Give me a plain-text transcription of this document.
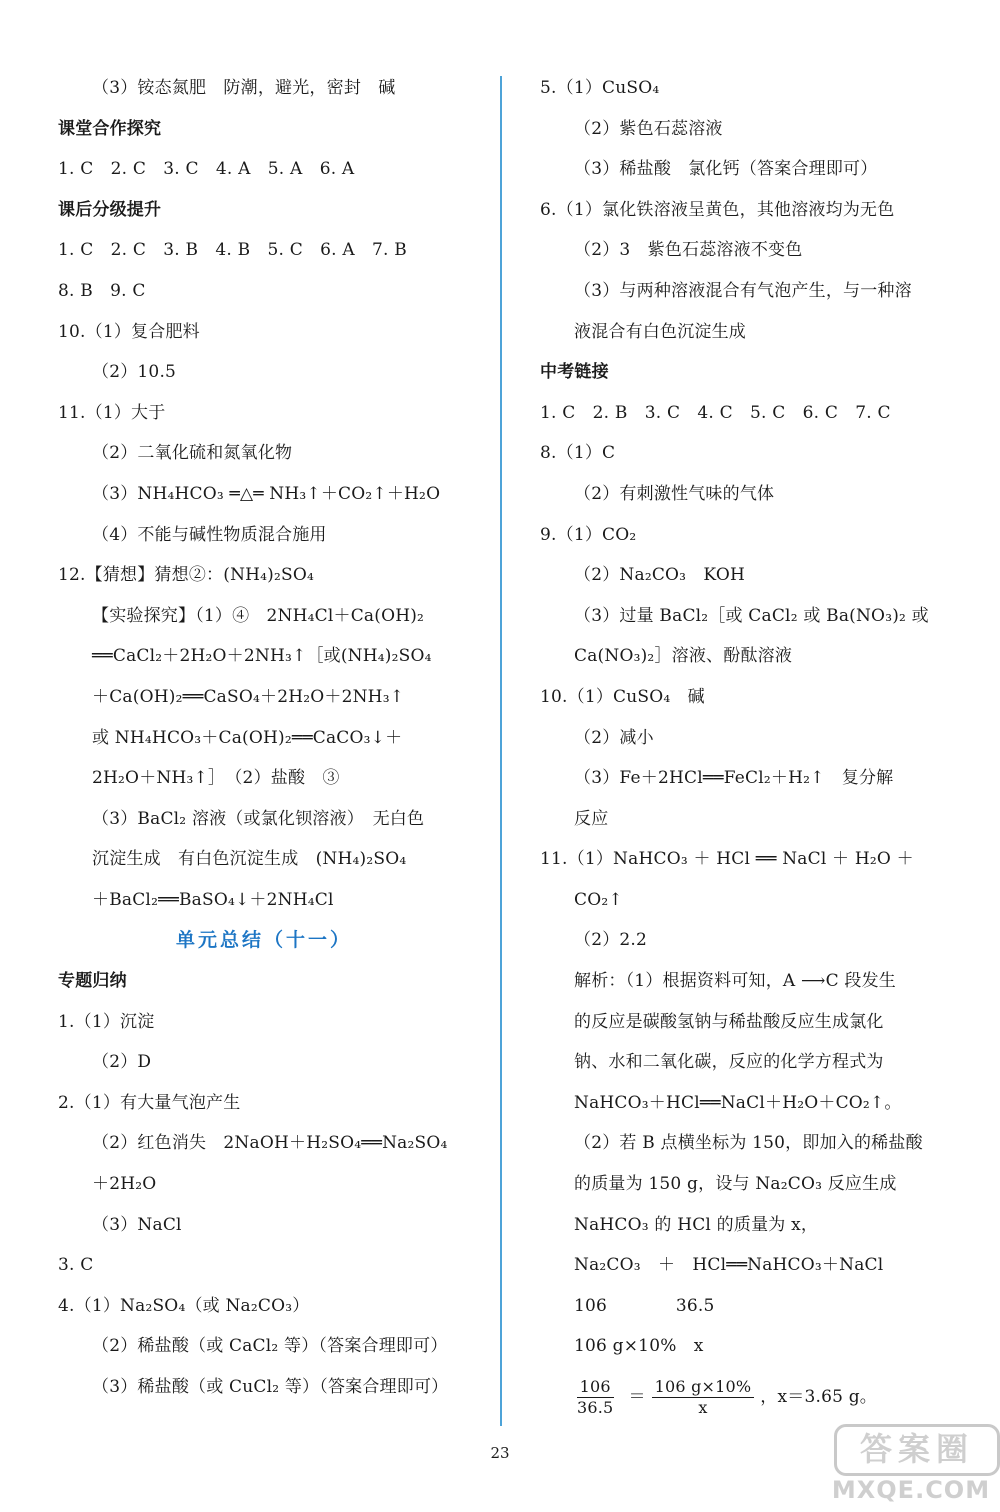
（3）铵态氮肥　防潮，避光，密封　碱
课堂合作探究
1. C　2. C　3. C　4. A　5. A　6. A
课后分级提升
1. C　2. C　3. B　4. B　5. C　6. A　7. B
8. B　9. C
10.（1）复合肥料
（2）10.5
11.（1）大于
（2）二氧化硫和氮氧化物
（3）NH₄HCO₃ ═△═ NH₃↑＋CO₂↑＋H₂O
（4）不能与碱性物质混合施用
12.【猜想】猜想②：(NH₄)₂SO₄
【实验探究】（1）④　2NH₄Cl＋Ca(OH)₂
══CaCl₂＋2H₂O＋2NH₃↑［或(NH₄)₂SO₄
＋Ca(OH)₂══CaSO₄＋2H₂O＋2NH₃↑
或 NH₄HCO₃＋Ca(OH)₂══CaCO₃↓＋
2H₂O＋NH₃↑］　（2）盐酸　③
（3）BaCl₂ 溶液（或氯化钡溶液）　无白色
沉淀生成　有白色沉淀生成　(NH₄)₂SO₄
＋BaCl₂══BaSO₄↓＋2NH₄Cl
单元总结（十一）
专题归纳
1.（1）沉淀
（2）D
2.（1）有大量气泡产生
（2）红色消失　2NaOH＋H₂SO₄══Na₂SO₄
＋2H₂O
（3）NaCl
3. C
4.（1）Na₂SO₄（或 Na₂CO₃）
（2）稀盐酸（或 CaCl₂ 等）（答案合理即可）
（3）稀盐酸（或 CuCl₂ 等）（答案合理即可）
5.（1）CuSO₄
（2）紫色石蕊溶液
（3）稀盐酸　氯化钙（答案合理即可）
6.（1）氯化铁溶液呈黄色，其他溶液均为无色
（2）3　紫色石蕊溶液不变色
（3）与两种溶液混合有气泡产生，与一种溶
液混合有白色沉淀生成
中考链接
1. C　2. B　3. C　4. C　5. C　6. C　7. C
8.（1）C
（2）有刺激性气味的气体
9.（1）CO₂
（2）Na₂CO₃　KOH
（3）过量 BaCl₂［或 CaCl₂ 或 Ba(NO₃)₂ 或
Ca(NO₃)₂］溶液、酚酞溶液
10.（1）CuSO₄　碱
（2）减小
（3）Fe＋2HCl══FeCl₂＋H₂↑　复分解
反应
11.（1）NaHCO₃ ＋ HCl ══ NaCl ＋ H₂O ＋
CO₂↑
（2）2.2
解析：（1）根据资料可知，A ⟶C 段发生
的反应是碳酸氢钠与稀盐酸反应生成氯化
钠、水和二氧化碳，反应的化学方程式为
NaHCO₃＋HCl══NaCl＋H₂O＋CO₂↑。
（2）若 B 点横坐标为 150，即加入的稀盐酸
的质量为 150 g，设与 Na₂CO₃ 反应生成
NaHCO₃ 的 HCl 的质量为 x，
Na₂CO₃　＋　HCl══NaHCO₃＋NaCl
106　　　　36.5
106 g×10%　x
$\frac{106}{36.5} = \frac{106 g\times 10\%}{x}$ ，x＝3.65 g。
23	答案圈
MXQE.COM
